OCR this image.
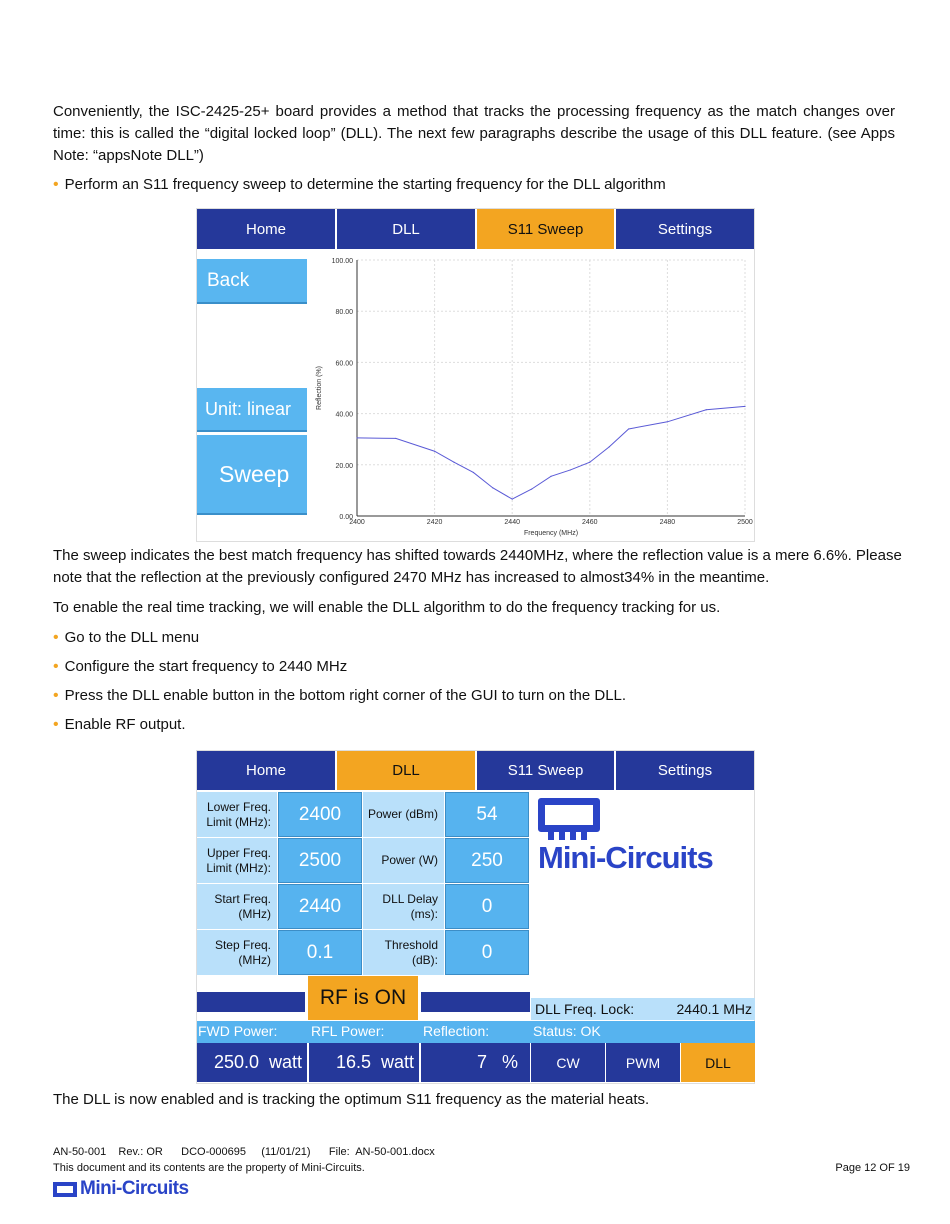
Conveniently, the ISC-2425-25+ board provides a method that tracks the processing frequency as the match changes over time: this is called the “digital locked loop” (DLL). The next few paragraphs describe the usage of this DLL feature. (see Apps Note: “appsNote DLL”)

• Perform an S11 frequency sweep to determine the starting frequency for the DLL algorithm

Home	DLL	S11 Sweep	Settings
Back
Unit: linear
Sweep
2400	2420	2440	2460	2480	2500
0.00
20.00
40.00
60.00
80.00
100.00
Frequency (MHz)
Reflection (%)

The sweep indicates the best match frequency has shifted towards 2440MHz, where the reflection value is a mere 6.6%. Please note that the reflection at the previously configured 2470 MHz has increased to almost34% in the meantime.

To enable the real time tracking, we will enable the DLL algorithm to do the frequency tracking for us.

• Go to the DLL menu

• Configure the start frequency to 2440 MHz

• Press the DLL enable button in the bottom right corner of the GUI to turn on the DLL.

• Enable RF output.

Home	DLL	S11 Sweep	Settings
Lower Freq. Limit (MHz):	2400	Power (dBm)	54
Upper Freq. Limit (MHz):	2500	Power (W)	250
Start Freq. (MHz)	2440	DLL Delay (ms):	0
Step Freq. (MHz)	0.1	Threshold (dB):	0
Mini-Circuits
RF is ON	DLL Freq. Lock:	2440.1 MHz
FWD Power: RFL Power:	Reflection:	Status: OK
250.0  watt	16.5  watt	7   %	CW	PWM	DLL

The DLL is now enabled and is tracking the optimum S11 frequency as the material heats.

AN-50-001    Rev.: OR      DCO-000695     (11/01/21)      File:  AN-50-001.docx
This document and its contents are the property of Mini-Circuits.	Page 12 OF 19
Mini-Circuits
